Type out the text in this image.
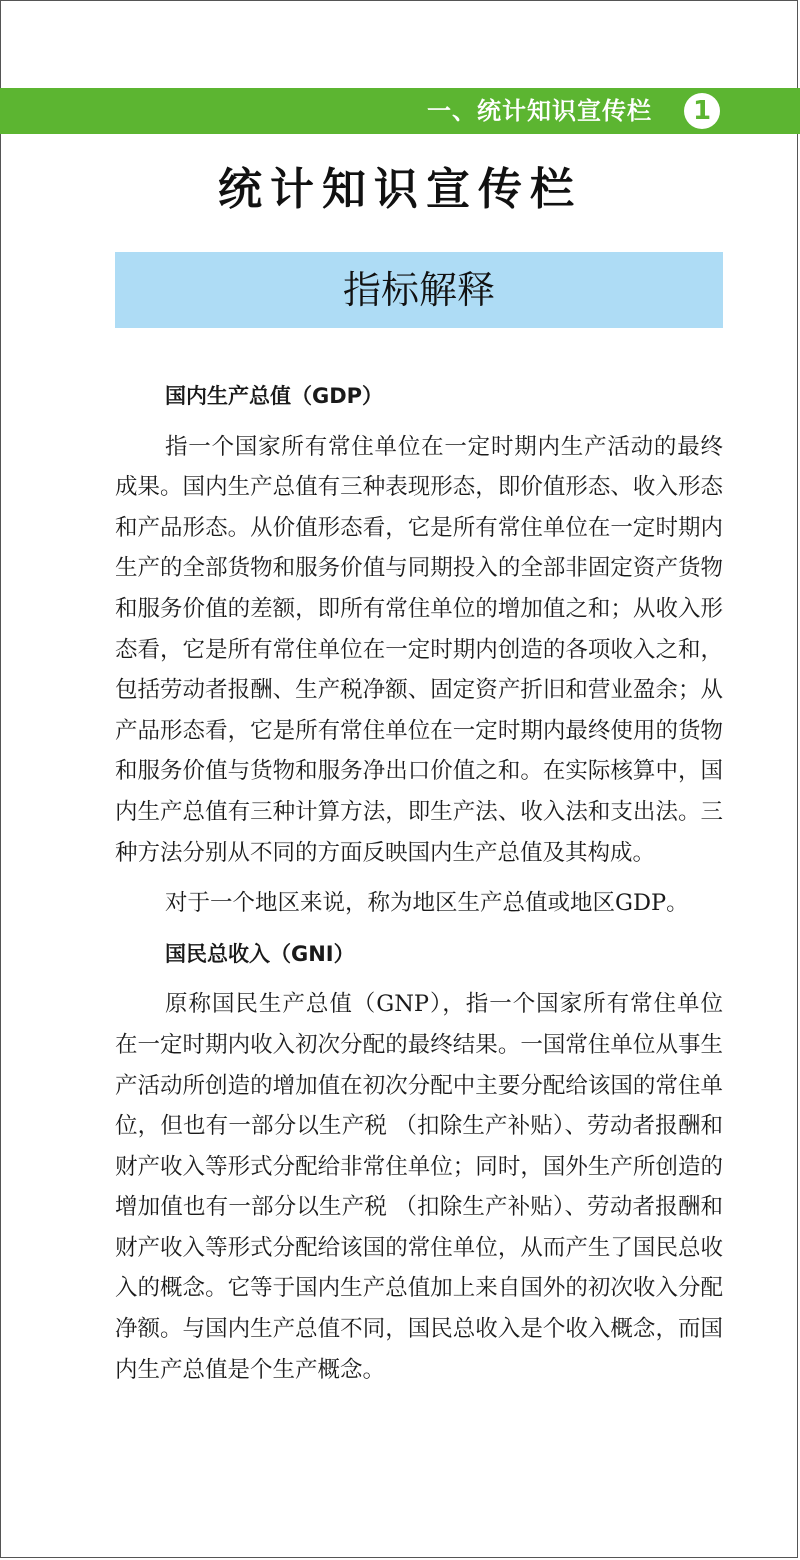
一、统计知识宣传栏	1
统计知识宣传栏
指标解释

国内生产总值（GDP）

指一个国家所有常住单位在一定时期内生产活动的最终成果。国内生产总值有三种表现形态，即价值形态、收入形态和产品形态。从价值形态看，它是所有常住单位在一定时期内生产的全部货物和服务价值与同期投入的全部非固定资产货物和服务价值的差额，即所有常住单位的增加值之和；从收入形态看，它是所有常住单位在一定时期内创造的各项收入之和，包括劳动者报酬、生产税净额、固定资产折旧和营业盈余；从产品形态看，它是所有常住单位在一定时期内最终使用的货物和服务价值与货物和服务净出口价值之和。在实际核算中，国内生产总值有三种计算方法，即生产法、收入法和支出法。三种方法分别从不同的方面反映国内生产总值及其构成。

对于一个地区来说，称为地区生产总值或地区GDP。

国民总收入（GNI）

原称国民生产总值（GNP），指一个国家所有常住单位在一定时期内收入初次分配的最终结果。一国常住单位从事生产活动所创造的增加值在初次分配中主要分配给该国的常住单位，但也有一部分以生产税 （扣除生产补贴）、劳动者报酬和财产收入等形式分配给非常住单位；同时，国外生产所创造的增加值也有一部分以生产税 （扣除生产补贴）、劳动者报酬和财产收入等形式分配给该国的常住单位，从而产生了国民总收入的概念。它等于国内生产总值加上来自国外的初次收入分配净额。与国内生产总值不同，国民总收入是个收入概念，而国内生产总值是个生产概念。
